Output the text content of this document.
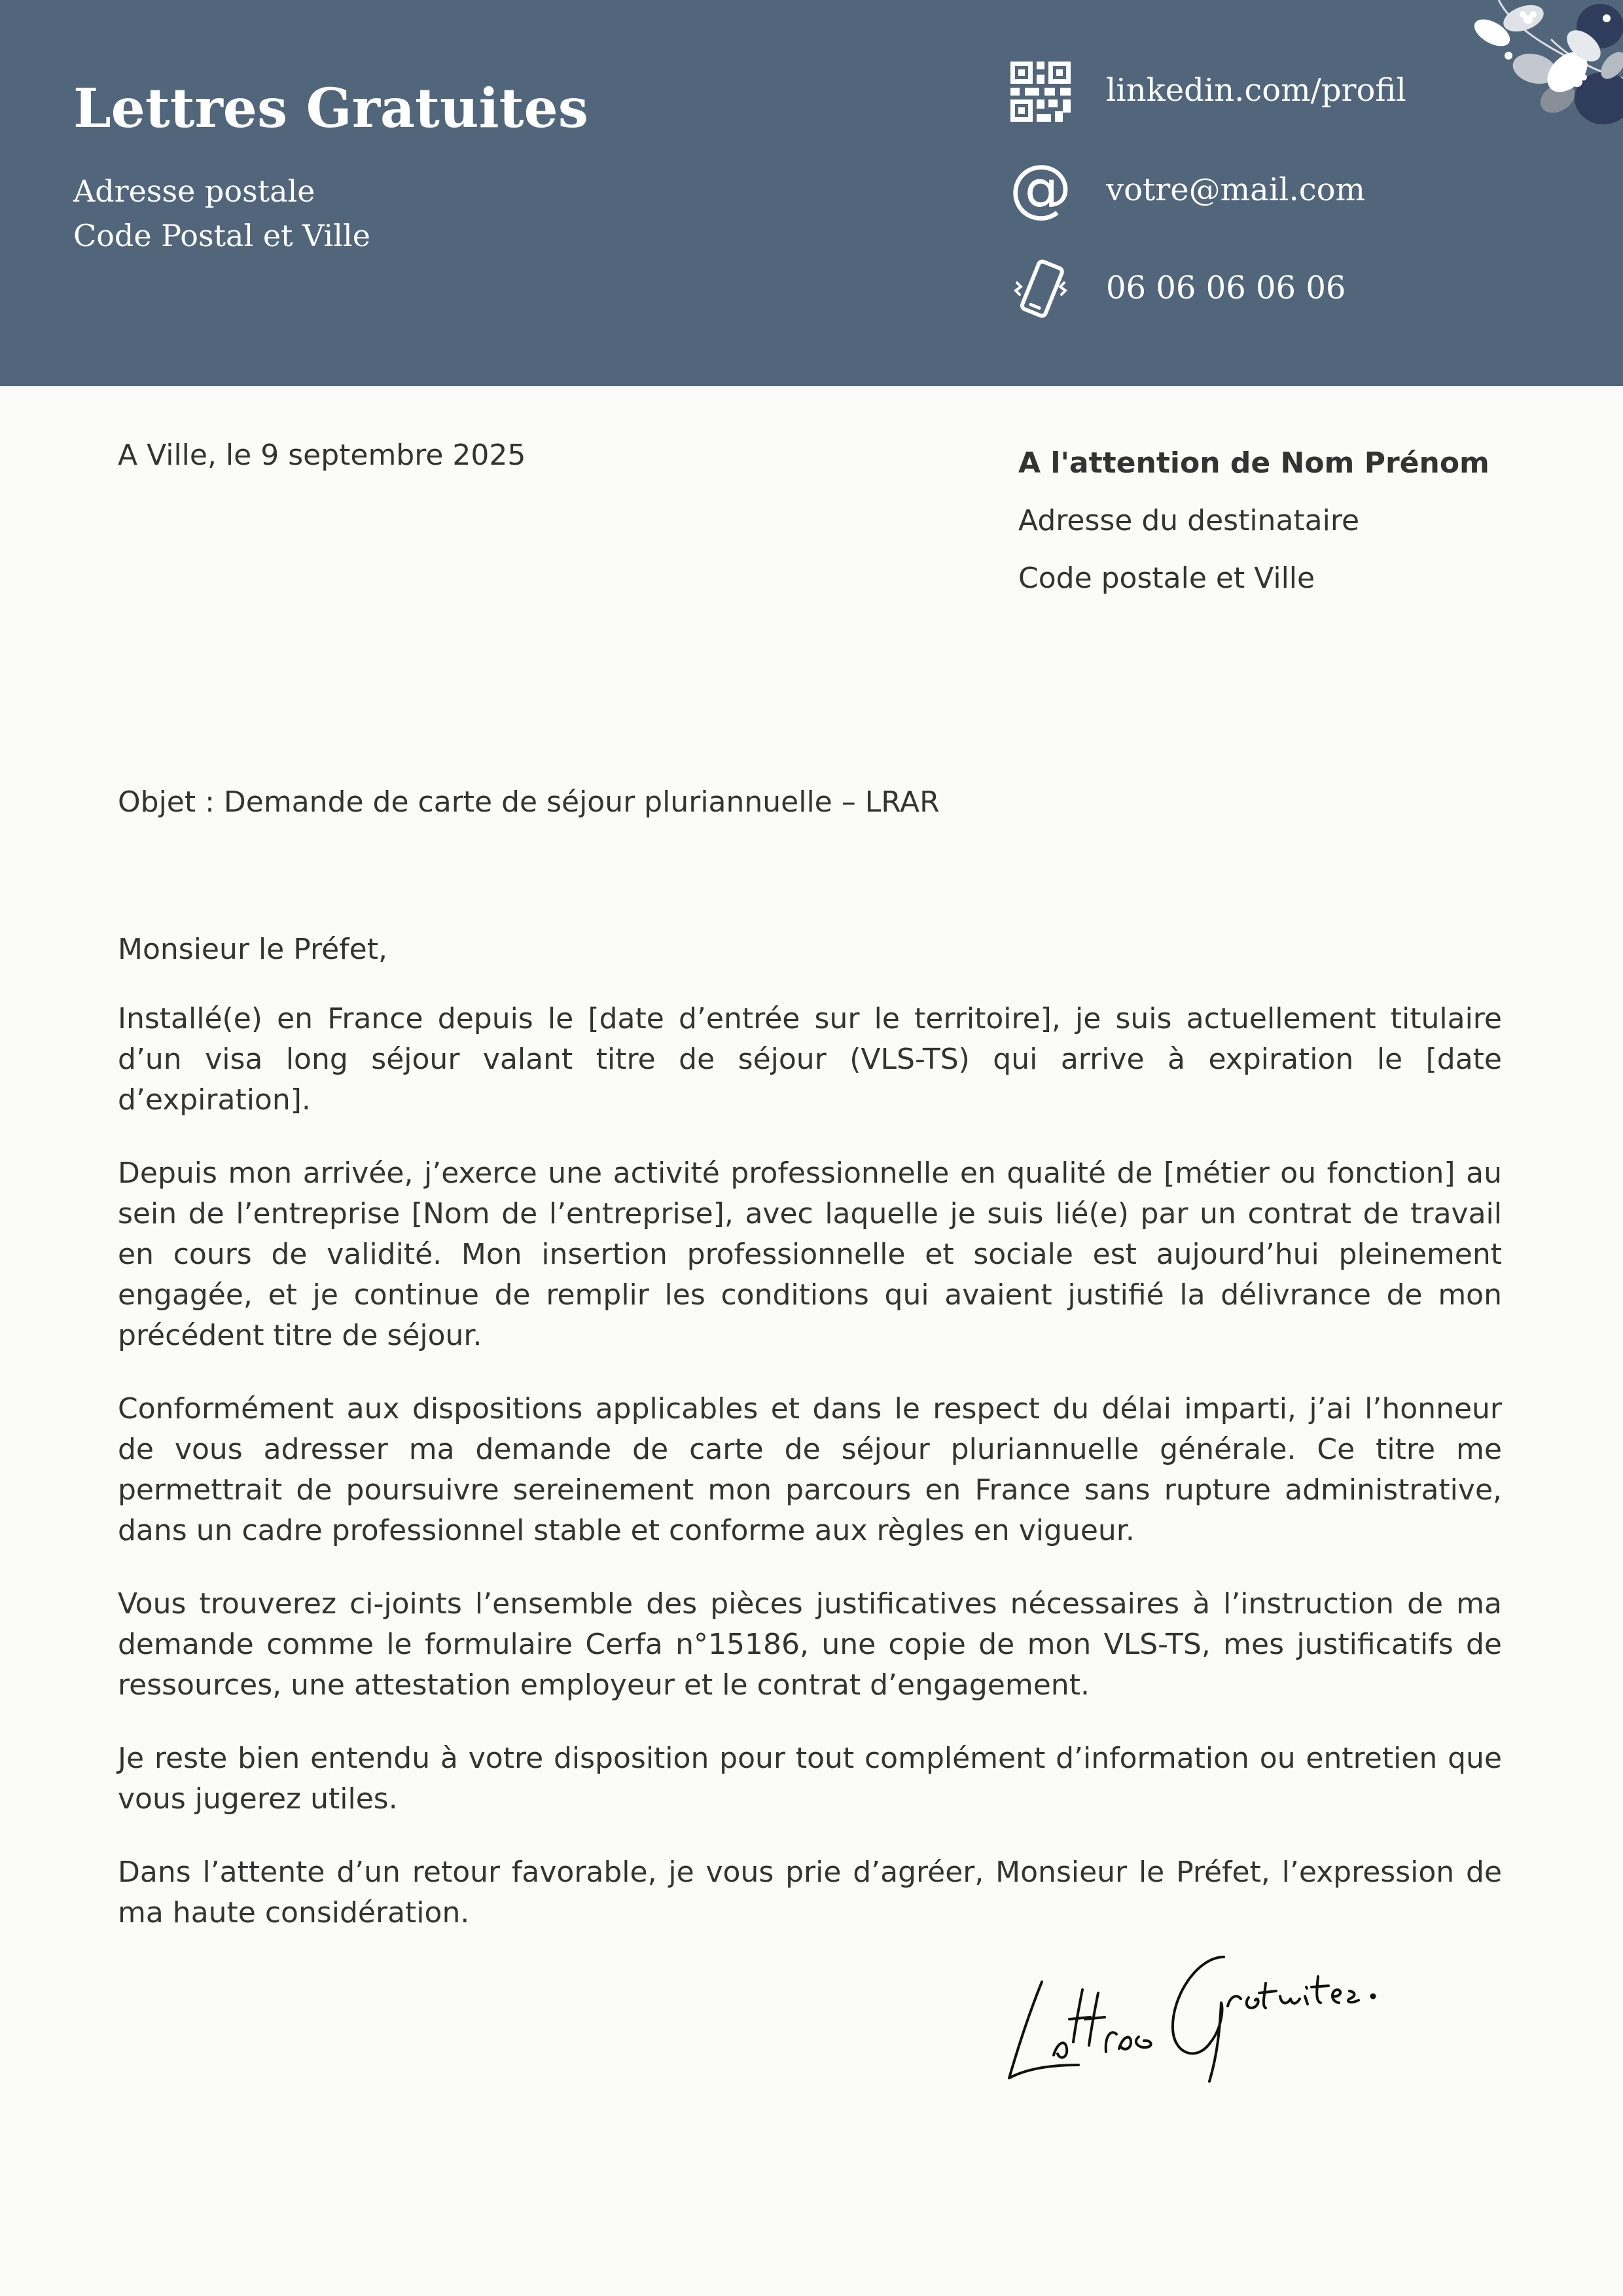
Lettres Gratuites
Adresse postale
Code Postal et Ville
linkedin.com/profil
@ votre@mail.com
06 06 06 06 06
A Ville, le 9 septembre 2025	A l'attention de Nom Prénom
Adresse du destinataire
Code postale et Ville
Objet : Demande de carte de séjour pluriannuelle – LRAR

Monsieur le Préfet,

Installé(e) en France depuis le [date d’entrée sur le territoire], je suis actuellement titulaire d’un visa long séjour valant titre de séjour (VLS-TS) qui arrive à expiration le [date d’expiration].

Depuis mon arrivée, j’exerce une activité professionnelle en qualité de [métier ou fonction] au sein de l’entreprise [Nom de l’entreprise], avec laquelle je suis lié(e) par un contrat de travail en cours de validité. Mon insertion professionnelle et sociale est aujourd’hui pleinement engagée, et je continue de remplir les conditions qui avaient justifié la délivrance de mon précédent titre de séjour.

Conformément aux dispositions applicables et dans le respect du délai imparti, j’ai l’honneur de vous adresser ma demande de carte de séjour pluriannuelle générale. Ce titre me permettrait de poursuivre sereinement mon parcours en France sans rupture administrative, dans un cadre professionnel stable et conforme aux règles en vigueur.

Vous trouverez ci-joints l’ensemble des pièces justificatives nécessaires à l’instruction de ma demande comme le formulaire Cerfa n°15186, une copie de mon VLS-TS, mes justificatifs de ressources, une attestation employeur et le contrat d’engagement.

Je reste bien entendu à votre disposition pour tout complément d’information ou entretien que vous jugerez utiles.

Dans l’attente d’un retour favorable, je vous prie d’agréer, Monsieur le Préfet, l’expression de ma haute considération.
